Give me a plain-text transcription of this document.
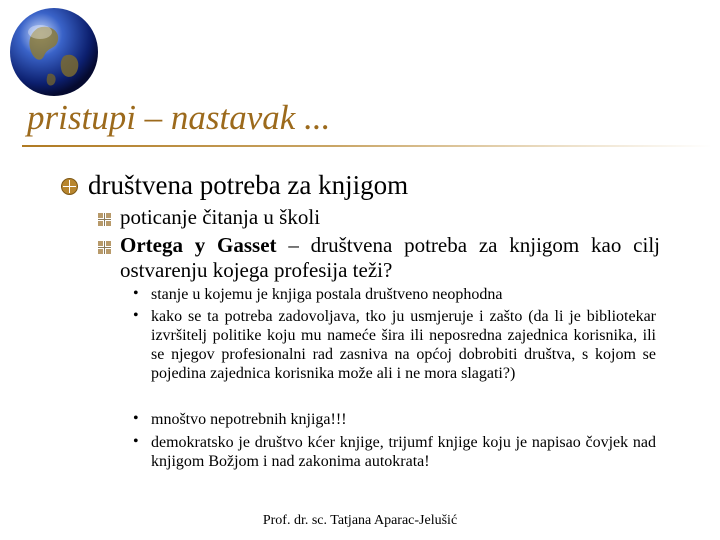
pristupi – nastavak ...
društvena potreba za knjigom
poticanje čitanja u školi
Ortega y Gasset – društvena potreba za knjigom kao cilj ostvarenju kojega profesija teži?
• stanje u kojemu je knjiga postala društveno neophodna
• kako se ta potreba zadovoljava, tko ju usmjeruje i zašto (da li je bibliotekar izvršitelj politike koju mu nameće šira ili neposredna zajednica korisnika, ili se njegov profesionalni rad zasniva na općoj dobrobiti društva, s kojom se pojedina zajednica korisnika može ali i ne mora slagati?)
• mnoštvo nepotrebnih knjiga!!!
• demokratsko je društvo kćer knjige, trijumf knjige koju je napisao čovjek nad knjigom Božjom i nad zakonima autokrata!
Prof. dr. sc. Tatjana Aparac-Jelušić
